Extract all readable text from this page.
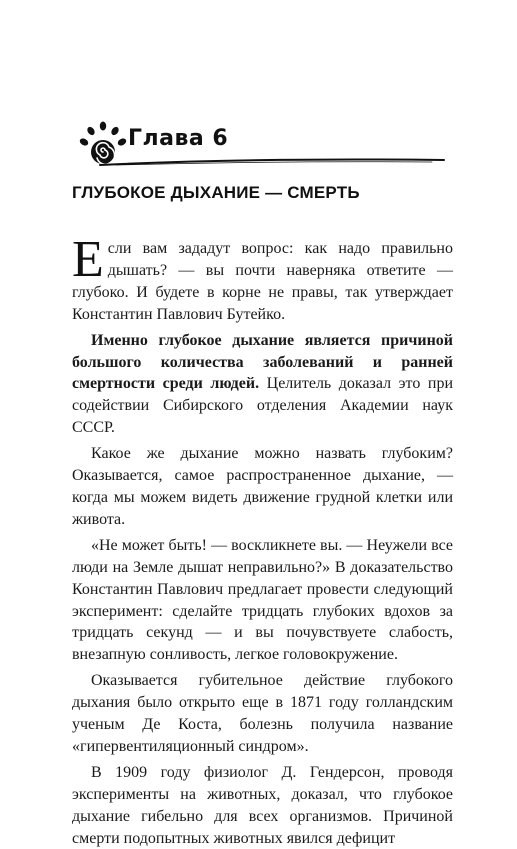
Глава 6
ГЛУБОКОЕ ДЫХАНИЕ — СМЕРТЬ

Если вам зададут вопрос: как надо правильно дышать? — вы почти наверняка ответите — глубоко. И будете в корне не правы, так утверждает Константин Павлович Бутейко.

Именно глубокое дыхание является причиной большого количества заболеваний и ранней смертности среди людей. Целитель доказал это при содействии Сибирского отделения Академии наук СССР.

Какое же дыхание можно назвать глубоким? Оказывается, самое распространенное дыхание, — когда мы можем видеть движение грудной клетки или живота.

«Не может быть! — воскликнете вы. — Неужели все люди на Земле дышат неправильно?» В доказательство Константин Павлович предлагает провести следующий эксперимент: сделайте тридцать глубоких вдохов за тридцать секунд — и вы почувствуете слабость, внезапную сонливость, легкое головокружение.

Оказывается губительное действие глубокого дыхания было открыто еще в 1871 году голландским ученым Де Коста, болезнь получила название «гипервентиляционный синдром».

В 1909 году физиолог Д. Гендерсон, проводя эксперименты на животных, доказал, что глубокое дыхание гибельно для всех организмов. Причиной смерти подопытных животных явился дефицит
